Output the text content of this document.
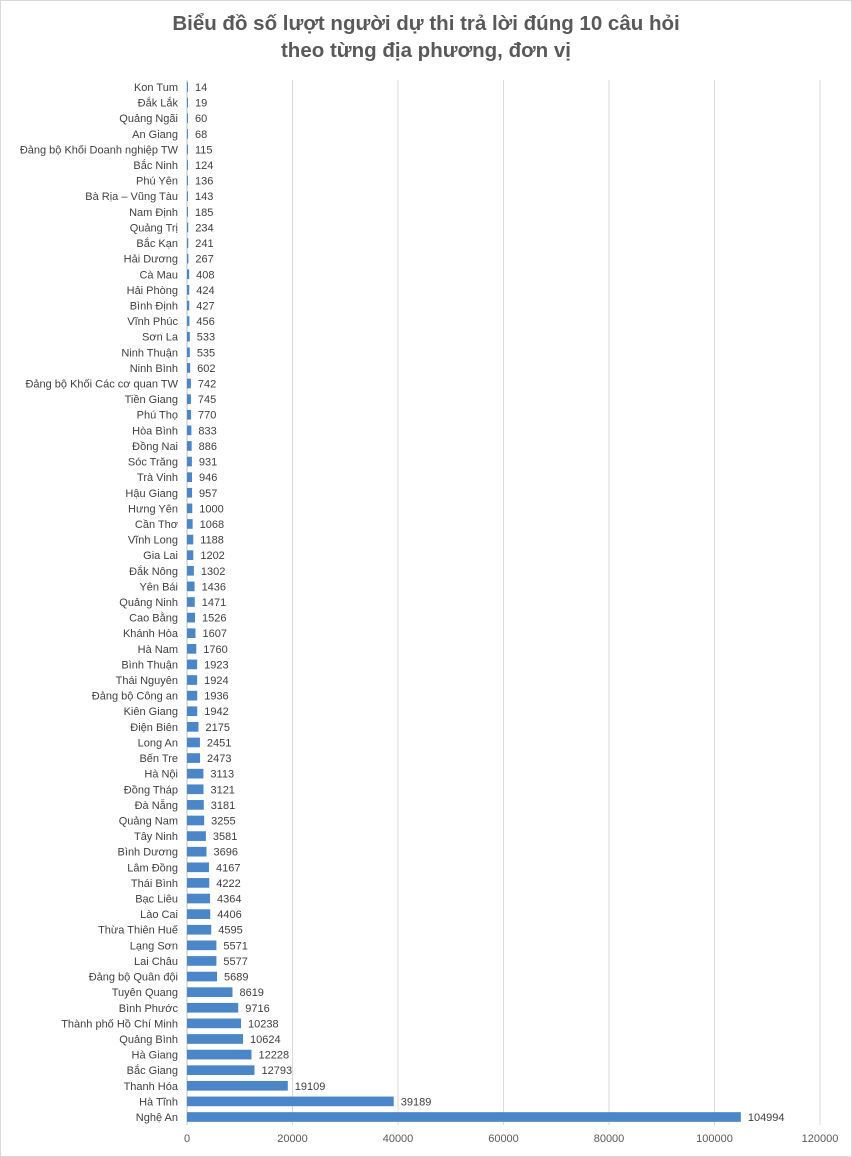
Biểu đồ số lượt người dự thi trả lời đúng 10 câu hỏi
theo từng địa phương, đơn vị
0	20000	40000	60000	80000	100000	120000
Kon Tum
Đắk Lắk
Quảng Ngãi
An Giang
Đảng bộ Khối Doanh nghiệp TW
Bắc Ninh
Phú Yên
Bà Rịa – Vũng Tàu
Nam Định
Quảng Trị
Bắc Kạn
Hải Dương
Cà Mau
Hải Phòng
Bình Định
Vĩnh Phúc
Sơn La
Ninh Thuận
Ninh Bình
Đảng bộ Khối Các cơ quan TW
Tiền Giang
Phú Thọ
Hòa Bình
Đồng Nai
Sóc Trăng
Trà Vinh
Hậu Giang
Hưng Yên
Cần Thơ
Vĩnh Long
Gia Lai
Đắk Nông
Yên Bái
Quảng Ninh
Cao Bằng
Khánh Hòa
Hà Nam
Bình Thuận
Thái Nguyên
Đảng bộ Công an
Kiên Giang
Điện Biên
Long An
Bến Tre
Hà Nội
Đồng Tháp
Đà Nẵng
Quảng Nam
Tây Ninh
Bình Dương
Lâm Đồng
Thái Bình
Bạc Liêu
Lào Cai
Thừa Thiên Huế
Lạng Sơn
Lai Châu
Đảng bộ Quân đội
Tuyên Quang
Bình Phước
Thành phố Hồ Chí Minh
Quảng Bình
Hà Giang
Bắc Giang
Thanh Hóa
Hà Tĩnh
Nghệ An
14
19
60
68
115
124
136
143
185
234
241
267
408
424
427
456
533
535
602
742
745
770
833
886
931
946
957
1000
1068
1188
1202
1302
1436
1471
1526
1607
1760
1923
1924
1936
1942
2175
2451
2473
3113
3121
3181
3255
3581
3696
4167
4222
4364
4406
4595
5571
5577
5689
8619
9716
10238
10624
12228
12793
19109
39189
104994
